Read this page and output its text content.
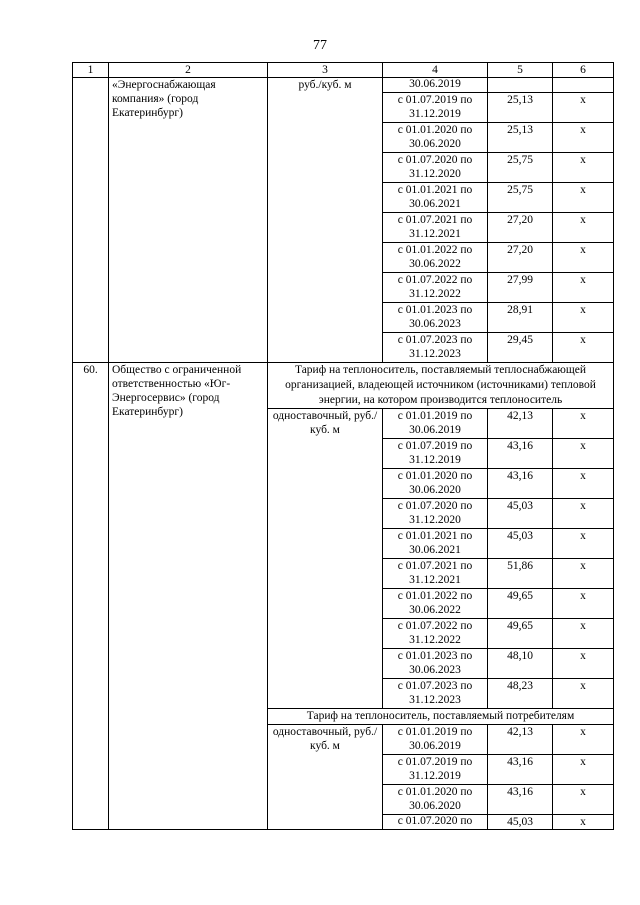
77
1	2	3	4	5	6
	«Энергоснабжающая компания» (город Екатеринбург)	руб./куб. м	30.06.2019		
			с 01.07.2019 по 31.12.2019	25,13	x
			с 01.01.2020 по 30.06.2020	25,13	x
			с 01.07.2020 по 31.12.2020	25,75	x
			с 01.01.2021 по 30.06.2021	25,75	x
			с 01.07.2021 по 31.12.2021	27,20	x
			с 01.01.2022 по 30.06.2022	27,20	x
			с 01.07.2022 по 31.12.2022	27,99	x
			с 01.01.2023 по 30.06.2023	28,91	x
			с 01.07.2023 по 31.12.2023	29,45	x
60.	Общество с ограниченной ответственностью «Юг-Энергосервис» (город Екатеринбург)	Тариф на теплоноситель, поставляемый теплоснабжающей организацией, владеющей источником (источниками) тепловой энергии, на котором производится теплоноситель			
		одноставочный, руб./куб. м	с 01.01.2019 по 30.06.2019	42,13	x
			с 01.07.2019 по 31.12.2019	43,16	x
			с 01.01.2020 по 30.06.2020	43,16	x
			с 01.07.2020 по 31.12.2020	45,03	x
			с 01.01.2021 по 30.06.2021	45,03	x
			с 01.07.2021 по 31.12.2021	51,86	x
			с 01.01.2022 по 30.06.2022	49,65	x
			с 01.07.2022 по 31.12.2022	49,65	x
			с 01.01.2023 по 30.06.2023	48,10	x
			с 01.07.2023 по 31.12.2023	48,23	x
		Тариф на теплоноситель, поставляемый потребителям			
		одноставочный, руб./куб. м	с 01.01.2019 по 30.06.2019	42,13	x
			с 01.07.2019 по 31.12.2019	43,16	x
			с 01.01.2020 по 30.06.2020	43,16	x
			с 01.07.2020 по	45,03	x
